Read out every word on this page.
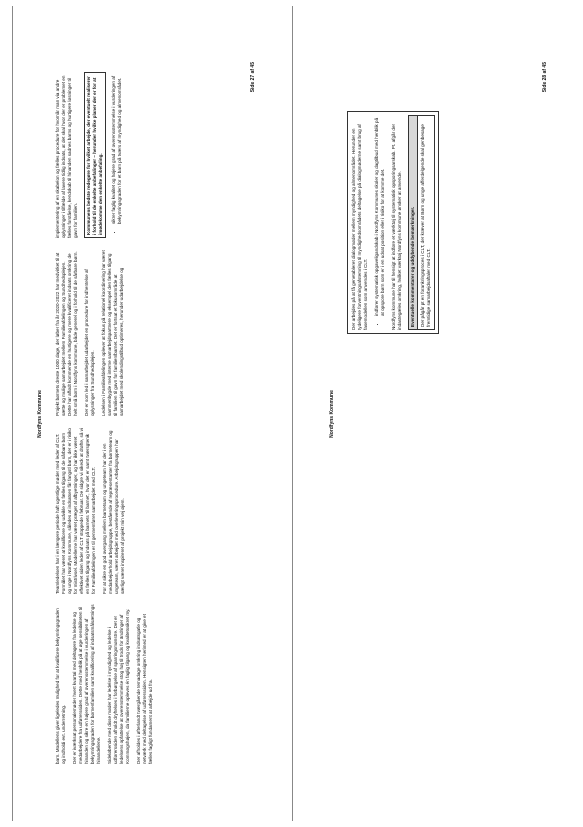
Nordfyns Kommune

barn. Modellens giver ligeledes mulighed for at kvalificere bekymringsgraden og indholdi evt. underretning. Der er iværksat personalemøder hvert kvartal med deltagere fra ledelse og medarbejdere fra udførerssiden. Dette med henblik på at øge sensibiliteten til hinanden og sikre en højere grad af overensstemmelse i vurderingen af bekymringsgraden for børnenfamilien samt kvalificering af indsatsmålsætnings hinandellene. Sideløbende med disse møder har ledelse i myndighed og ledelse i udførerssiden afholdt dryftelses i forbørgelse af sparringsmønstre. Det er ledelsens opfattelse at overenstemmelse stog høj til trods for ändringer af Kommøgshøjen, da familierne opleves én faglig tilgang og kvalitetssikret my. Der afholdes i øfterlandt tværgående temadage omkring indsatsgatle og netværk med deltagelse af udførerssiden. Hensigten herimed er at give et fælles fagligt fundament at arbejde ud fra.

Teamledelsen har i en længere periode haft ugentlige møder med leder af CLT. Formålet har været at kvalificere og udvikle en fælles tilgang til de sårbare børn og unge i Nordfyns Kommune, således at indsatsen får fangstl barn, der er i risiko for mistrivsel. Modellerne har været præget af afbyetninger, og har ikke været effektivet siden leder af CLT stoppede i februar. De sidgre vi sikeck at drøfte, så vi en fælles tilgang og indsats på barnets 'til barnet', hvor det er samt tværsgtenik for Familieafdelingen er til gennemføret samarbejdet med CLT. For at sikre en god overgang mellem barnetsam og ungeteam har der i en medarbejderhold arbejdsgruppe, bestående af repræsentanter fra børneteam og ungeteam, været arbejdet med overleveringsprocedure. Arbejdsgruppen har særligt været inspireret af projekt min vej øjem.

Projekt børnets dreste 1000 dage, der løber fra år 2020-2022 har medvirket til at sætte og mulige samarbejdet mellem Familieafdelingen og Sundhedsplejen. Dette har affødt kommende en hurtigere og mere kvalificeret indsats omkring de helt små børn i Nordfyns kommune, både generel og i forhold til de sårbare børn. Der er som led i samarbejdet udarbejdet en procedure for indhentelse af oplysninger fra Sundhedsplejen.	Ledelsen i Familieafdelingen oplever at fokus på relationel koordinering har været sammenbygde med interne samarbejdspartnere og eksempel den fælles tilgang til familien til gavn for familien/barnet. Det er fortsat et fokusområde at samarbejdet med skolendingstilbud optimeres, herunder udarbejdelse og implementering af en skabelon og fælles procedure for hvornår man via andre oplysninger i tilfælde af lavere tidlig indsats, at det skal hvor der er problemet en fælles forståelse, kendskab til hinanden sadnes barns og hurtigere løsninger til gavn for familien.	Kommunens bedste redegøre for hvilket arbejde, der eventuelt realiserer i forhold til de enkelte anbefalinger – herunder hvilke planer der er for at imødekomme den enkelte anbefaling.	• sikrer faglig kvalitet og højere grad af overensstemmelse i vurderingen af bekymringsgraden for et barn på tværs af myndighed og almenområdet.
Side 27 af 45
Nordfyns Kommune

Der arbejdes på at få genetableret dialogmøder mellem myndighed og almenområdet. Herunder en tydeligere forventningsafstemning til myndighedsområdets deltagelse på dialogmøderne samt brug af fasemodellen som anvendes i CLT. • indfører systematisk opgaveligandskab i Nordfyns Kommunes skoler og dagtilbud med henblik på at opspore børn som er i en udsat position eller i risiko for at komme det. Nordfyns kommune har til hensigt at indføre et værktøj til systematisk opsporingsarskab. Pt. afgår der indastegæles omkring, hvilket værktøj Nordfyns kommune ønsker at anvende.	Eventuelle kommentarer og uddybende bemærkninger.	Der pågår pt en forankringsproces i CLT, der kræver at Børn og unge afferdelgende skal genbesage fremtidige samarbejdsaftaler med CLT.
Side 28 af 45
